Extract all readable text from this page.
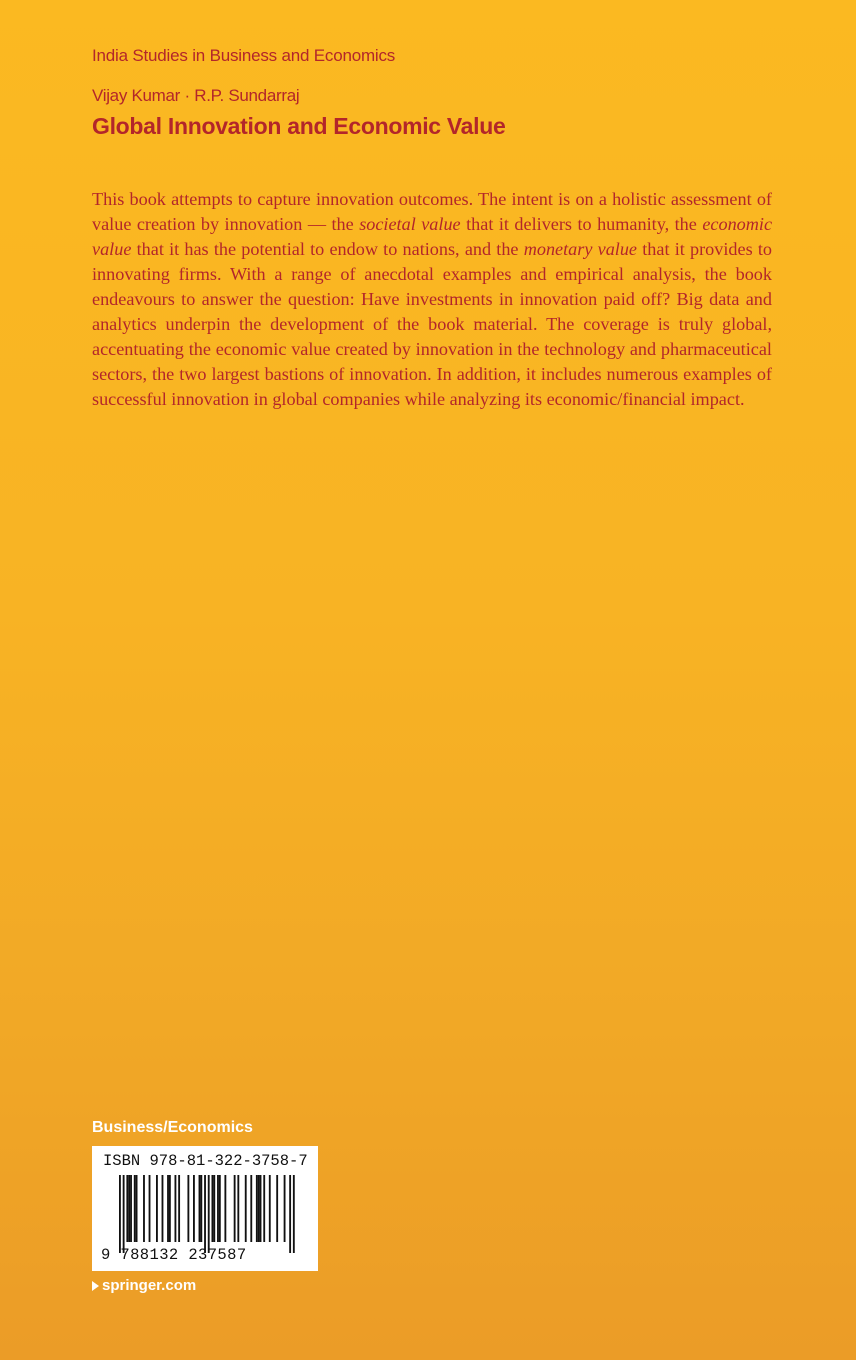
India Studies in Business and Economics
Vijay Kumar · R.P. Sundarraj
Global Innovation and Economic Value

This book attempts to capture innovation outcomes. The intent is on a holistic assessment of value creation by innovation — the societal value that it delivers to humanity, the economic value that it has the potential to endow to nations, and the monetary value that it provides to innovating firms. With a range of anecdotal examples and empirical analysis, the book endeavours to answer the question: Have investments in innovation paid off? Big data and analytics underpin the development of the book material. The coverage is truly global, accentuating the economic value created by innovation in the technology and pharmaceutical sectors, the two largest bastions of innovation. In addition, it includes numerous examples of successful innovation in global companies while analyzing its economic/financial impact.

Business/Economics
ISBN 978-81-322-3758-7
9 788132 237587
springer.com
